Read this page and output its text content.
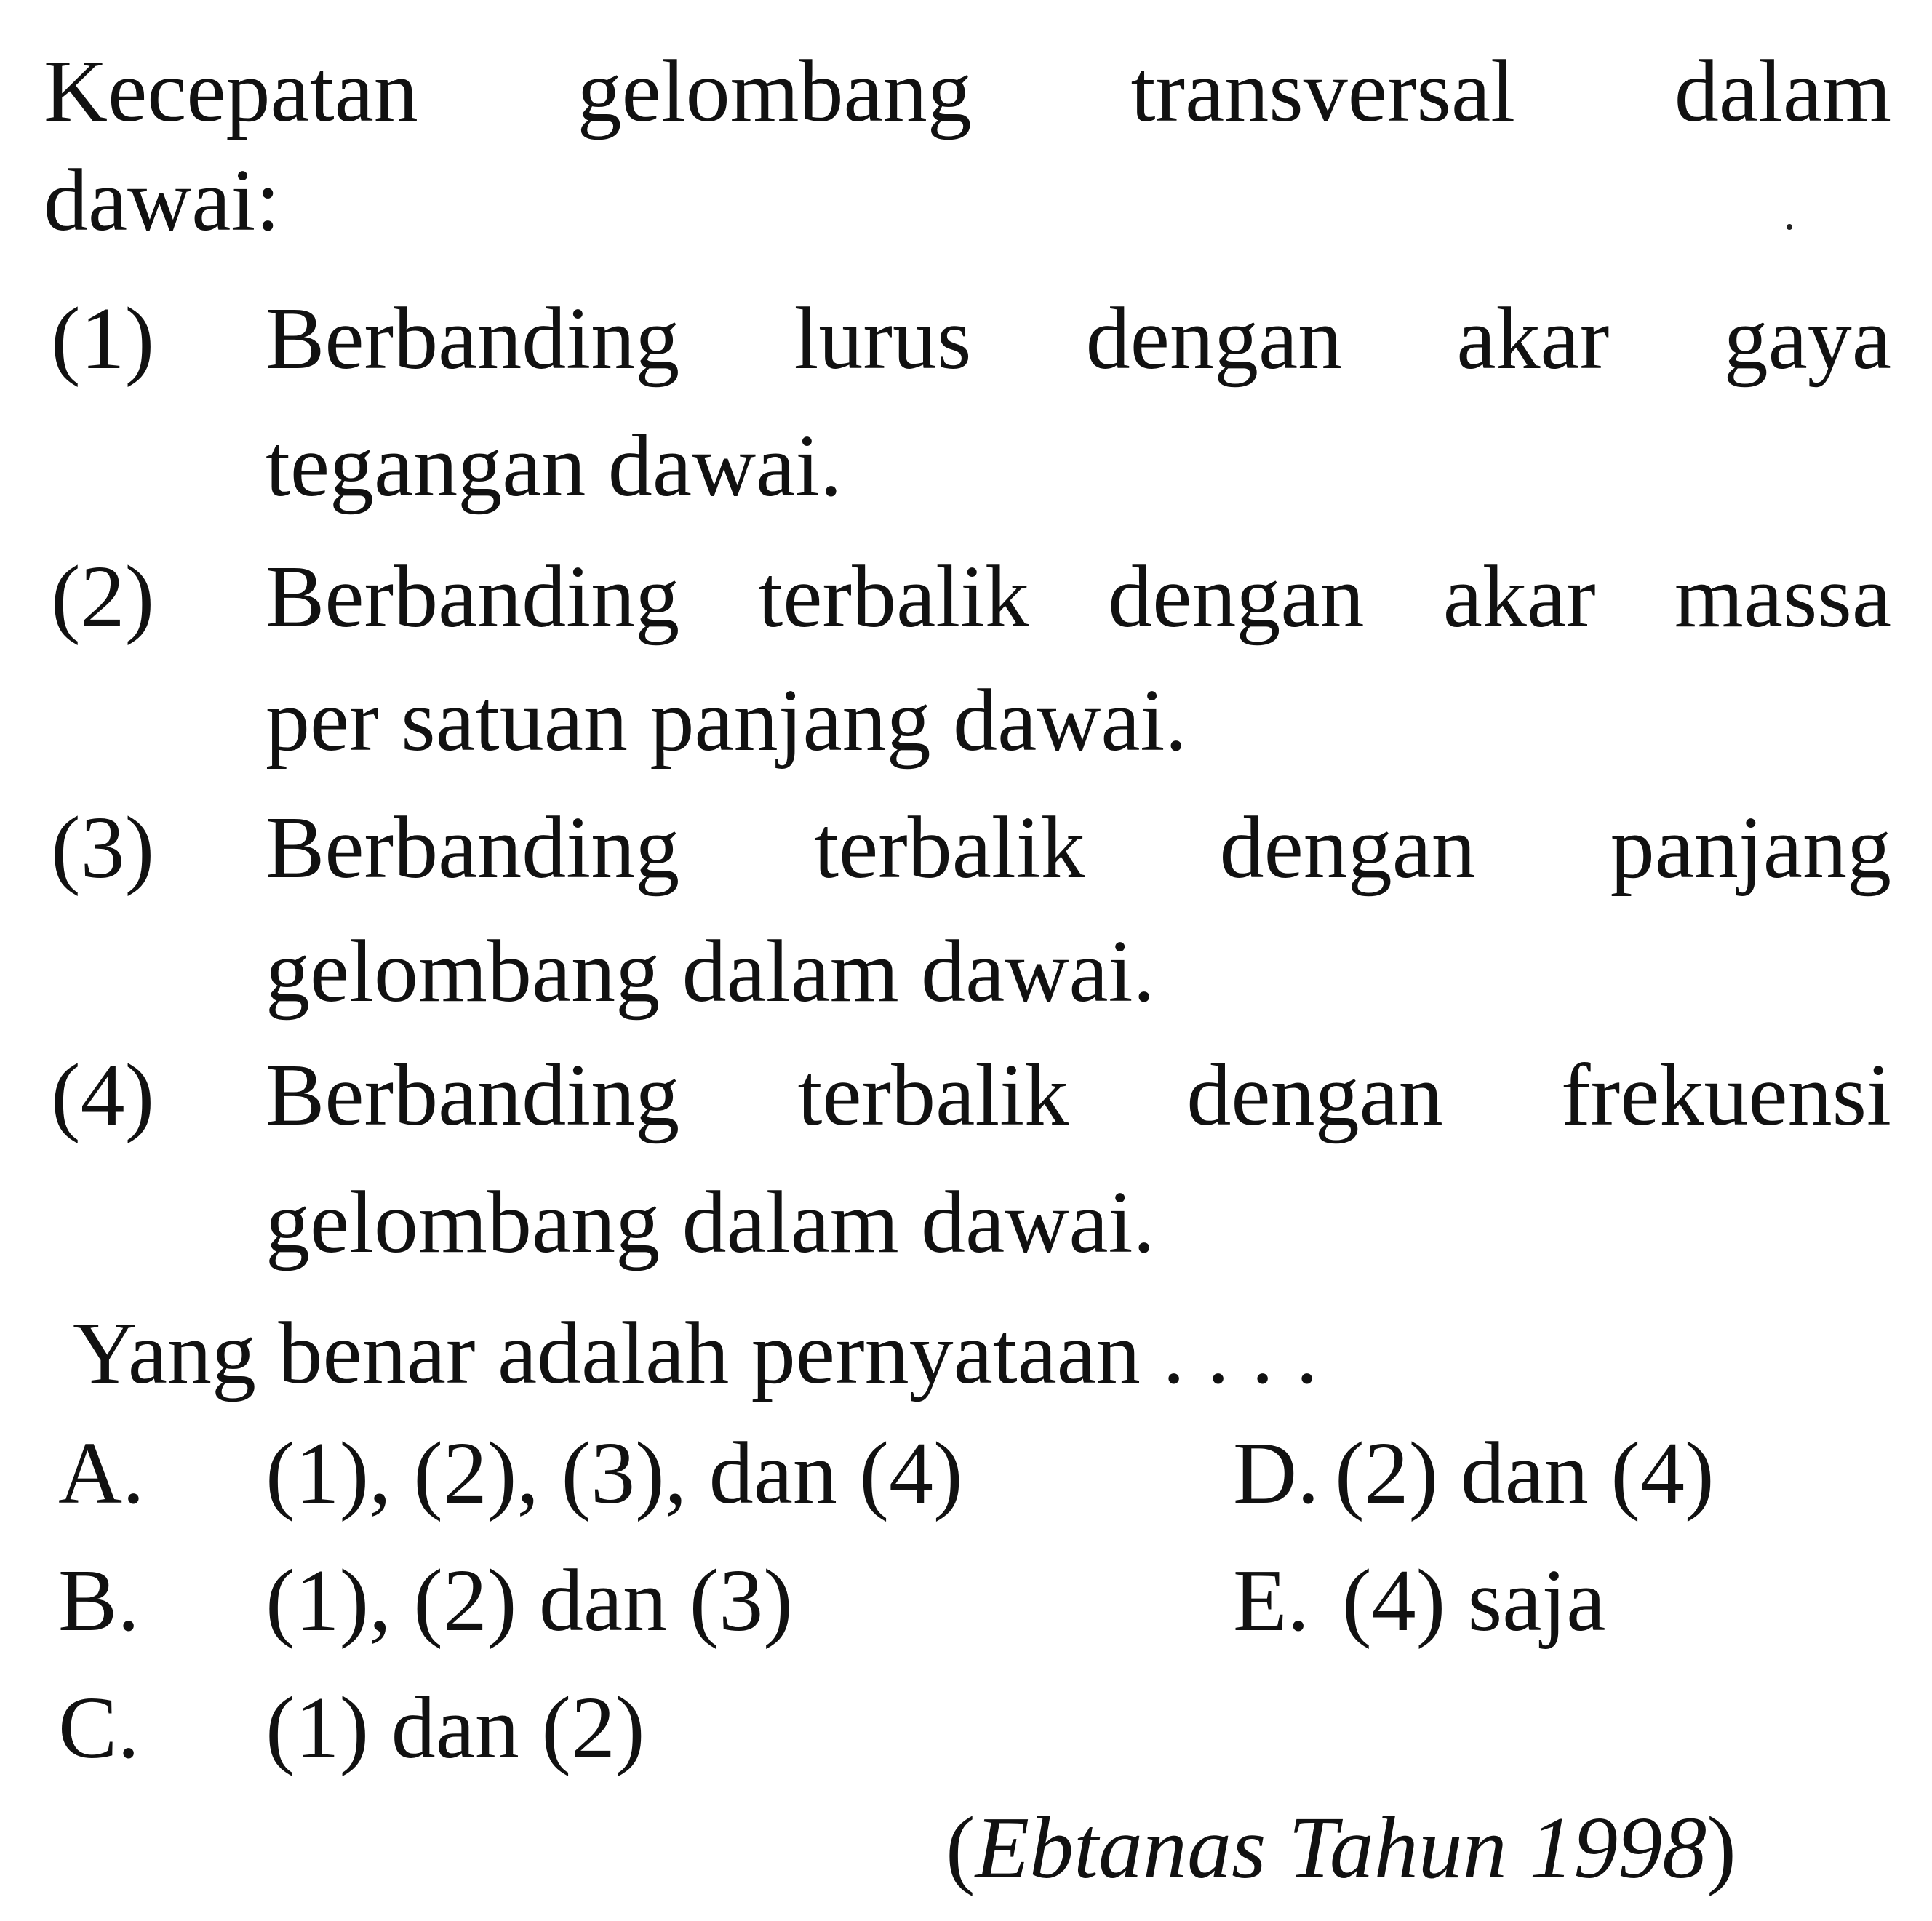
Kecepatan gelombang transversal dalam
dawai:
(1) Berbanding lurus dengan akar gaya
tegangan dawai.
(2) Berbanding terbalik dengan akar massa
per satuan panjang dawai.
(3) Berbanding terbalik dengan panjang
gelombang dalam dawai.
(4) Berbanding terbalik dengan frekuensi
gelombang dalam dawai.
Yang benar adalah pernyataan . . . .
A. (1), (2), (3), dan (4)
B. (1), (2) dan (3)
C. (1) dan (2)
D. (2) dan (4)
E. (4) saja
(Ebtanas Tahun 1998)
